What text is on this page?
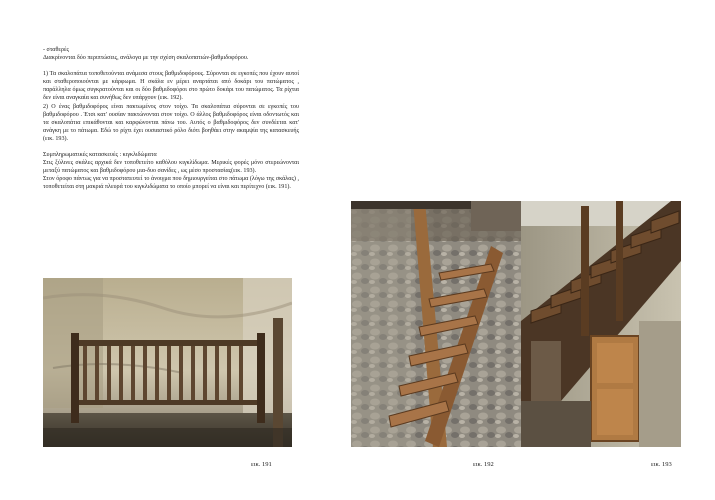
- σταθερές

Διακρίνονται δύο περιπτώσεις, ανάλογα με την σχέση σκαλοπατιών-βαθμιδοφόρου.

1) Τα σκαλοπάτια τοποθετούνται ανάμεσα στους βαθμιδοφόρους. Σύρονται σε εγκοπές που έχουν αυτοί και σταθεροποιούνται με κάρφωμα. Η σκάλα εν μέρει αναρτάται από δοκάρι του πατώματος , παράλληλα όμως συγκρατούνται και οι δύο βαθμιδοφόροι στο πρώτο δοκάρι του πατώματος. Τα ρίχτια δεν είναι αναγκαία και συνήθως δεν υπάρχουν (εικ. 192).

2) Ο ένας βαθμιδοφόρος είναι πακτωμένος στον τοίχο. Τα σκαλοπάτια σύρονται σε εγκοπές του βαθμιδοφόρου . Έτσι κατ' ουσίαν πακτώνονται στον τοίχο. Ο άλλος βαθμιδοφόρος είναι οδοντωτός και τα σκαλοπάτια επικάθονται και καρφώνονται πάνω του. Αυτός ο βαθμιδοφόρος δεν συνδέεται κατ' ανάγκη με το πάτωμα. Εδώ το ρίχτι έχει ουσιαστικό ρόλο διότι βοηθάει στην ακαμψία της κατασκευής (εικ. 193).

Συμπληρωματικές κατασκευές : κιγκλιδώματα

Στις ξύλινες σκάλες αρχικά δεν τοποθετείτο καθόλου κιγκλίδωμα. Μερικές φορές μόνο στερεώνονται μεταξύ πατώματος και βαθμιδοφόρου μια-δυο σανίδες , ως μέσο προστασίας(εικ. 193).

Στον όροφο πάντως για να προστατευτεί το άνοιγμα που δημιουργείται στο πάτωμα (λόγω της σκάλας) , τοποθετείται στη μακριά πλευρά του κιγκλιδώματα το οποίο μπορεί να είναι και περίτεχνο (εικ. 191).

εικ. 191	εικ. 192	εικ. 193
